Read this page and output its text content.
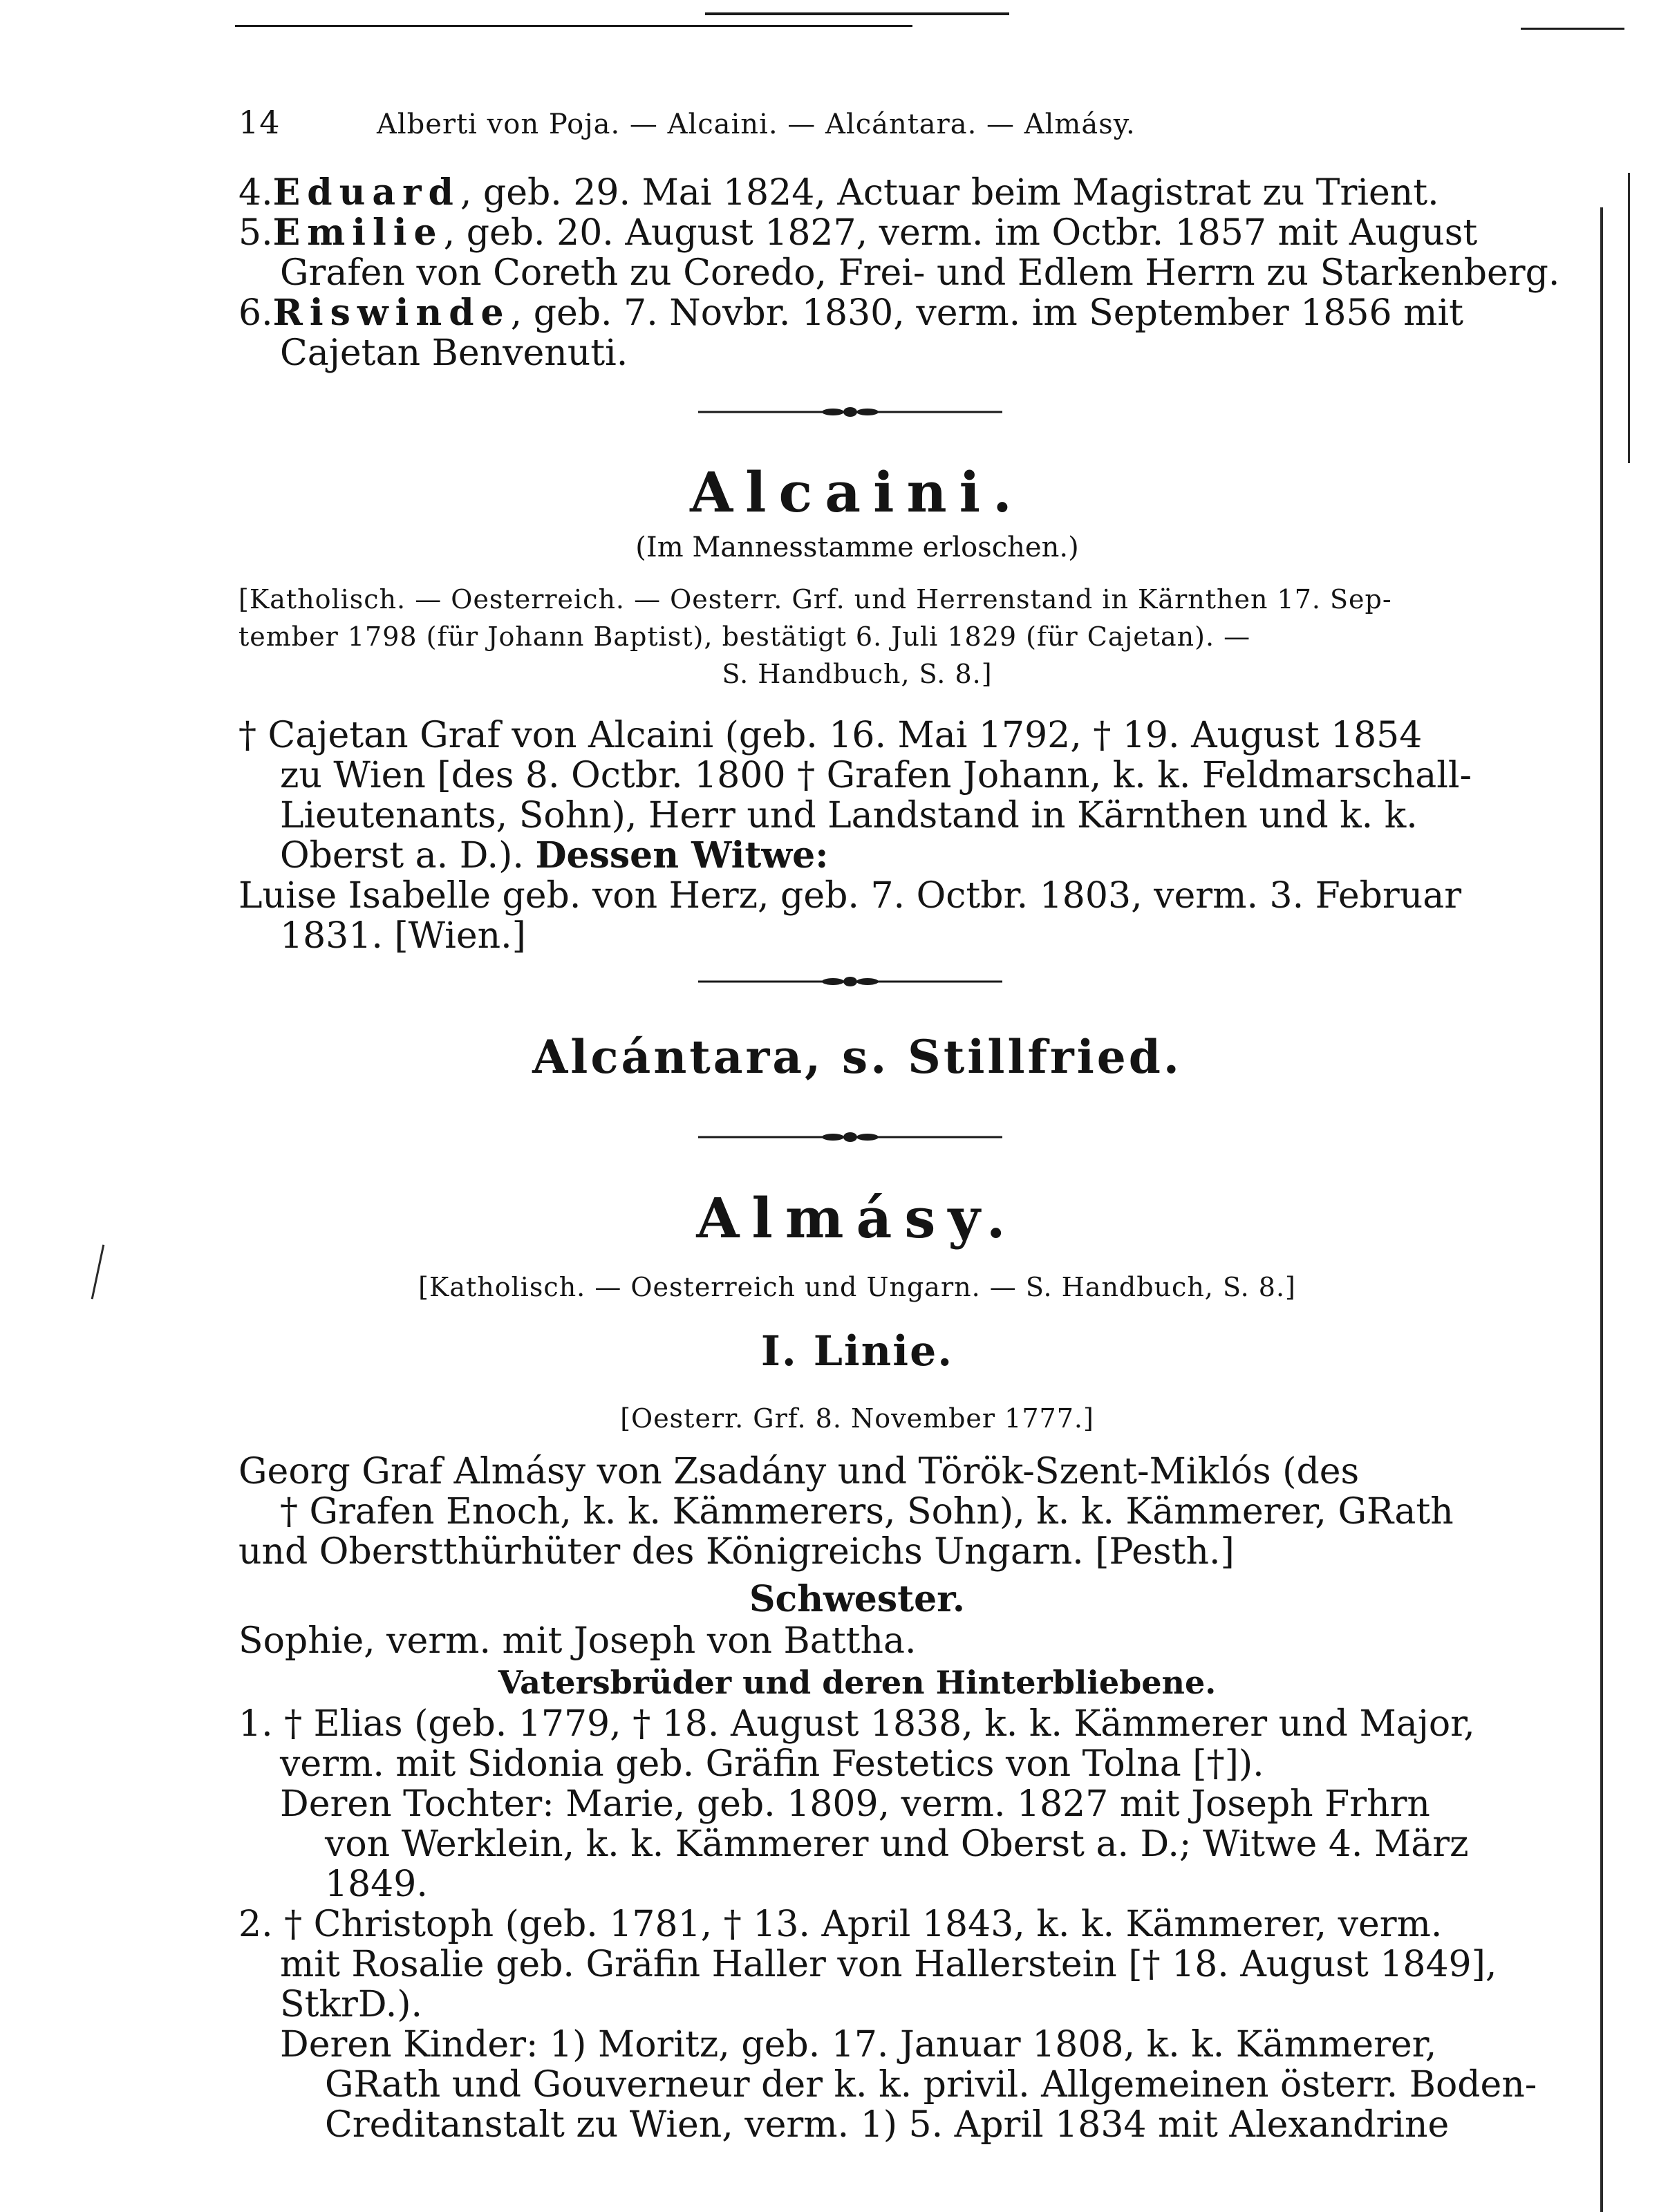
14	Alberti von Poja. — Alcaini. — Alcántara. — Almásy.
4.Eduard, geb. 29. Mai 1824, Actuar beim Magistrat zu Trient.
5.Emilie, geb. 20. August 1827, verm. im Octbr. 1857 mit August
Grafen von Coreth zu Coredo, Frei- und Edlem Herrn zu Starkenberg.
6.Riswinde, geb. 7. Novbr. 1830, verm. im September 1856 mit
Cajetan Benvenuti.
Alcaini.
(Im Mannesstamme erloschen.)
[Katholisch. — Oesterreich. — Oesterr. Grf. und Herrenstand in Kärnthen 17. Sep-
tember 1798 (für Johann Baptist), bestätigt 6. Juli 1829 (für Cajetan). —
S. Handbuch, S. 8.]
† Cajetan Graf von Alcaini (geb. 16. Mai 1792, † 19. August 1854
zu Wien [des 8. Octbr. 1800 † Grafen Johann, k. k. Feldmarschall-
Lieutenants, Sohn), Herr und Landstand in Kärnthen und k. k.
Oberst a. D.). Dessen Witwe:
Luise Isabelle geb. von Herz, geb. 7. Octbr. 1803, verm. 3. Februar
1831. [Wien.]
Alcántara, s. Stillfried.
Almásy.
[Katholisch. — Oesterreich und Ungarn. — S. Handbuch, S. 8.]
I. Linie.
[Oesterr. Grf. 8. November 1777.]
Georg Graf Almásy von Zsadány und Török-Szent-Miklós (des
† Grafen Enoch, k. k. Kämmerers, Sohn), k. k. Kämmerer, GRath
und Oberstthürhüter des Königreichs Ungarn. [Pesth.]
Schwester.
Sophie, verm. mit Joseph von Battha.
Vatersbrüder und deren Hinterbliebene.
1. † Elias (geb. 1779, † 18. August 1838, k. k. Kämmerer und Major,
verm. mit Sidonia geb. Gräfin Festetics von Tolna [†]).
Deren Tochter: Marie, geb. 1809, verm. 1827 mit Joseph Frhrn
von Werklein, k. k. Kämmerer und Oberst a. D.; Witwe 4. März
1849.
2. † Christoph (geb. 1781, † 13. April 1843, k. k. Kämmerer, verm.
mit Rosalie geb. Gräfin Haller von Hallerstein [† 18. August 1849],
StkrD.).
Deren Kinder: 1) Moritz, geb. 17. Januar 1808, k. k. Kämmerer,
GRath und Gouverneur der k. k. privil. Allgemeinen österr. Boden-
Creditanstalt zu Wien, verm. 1) 5. April 1834 mit Alexandrine
